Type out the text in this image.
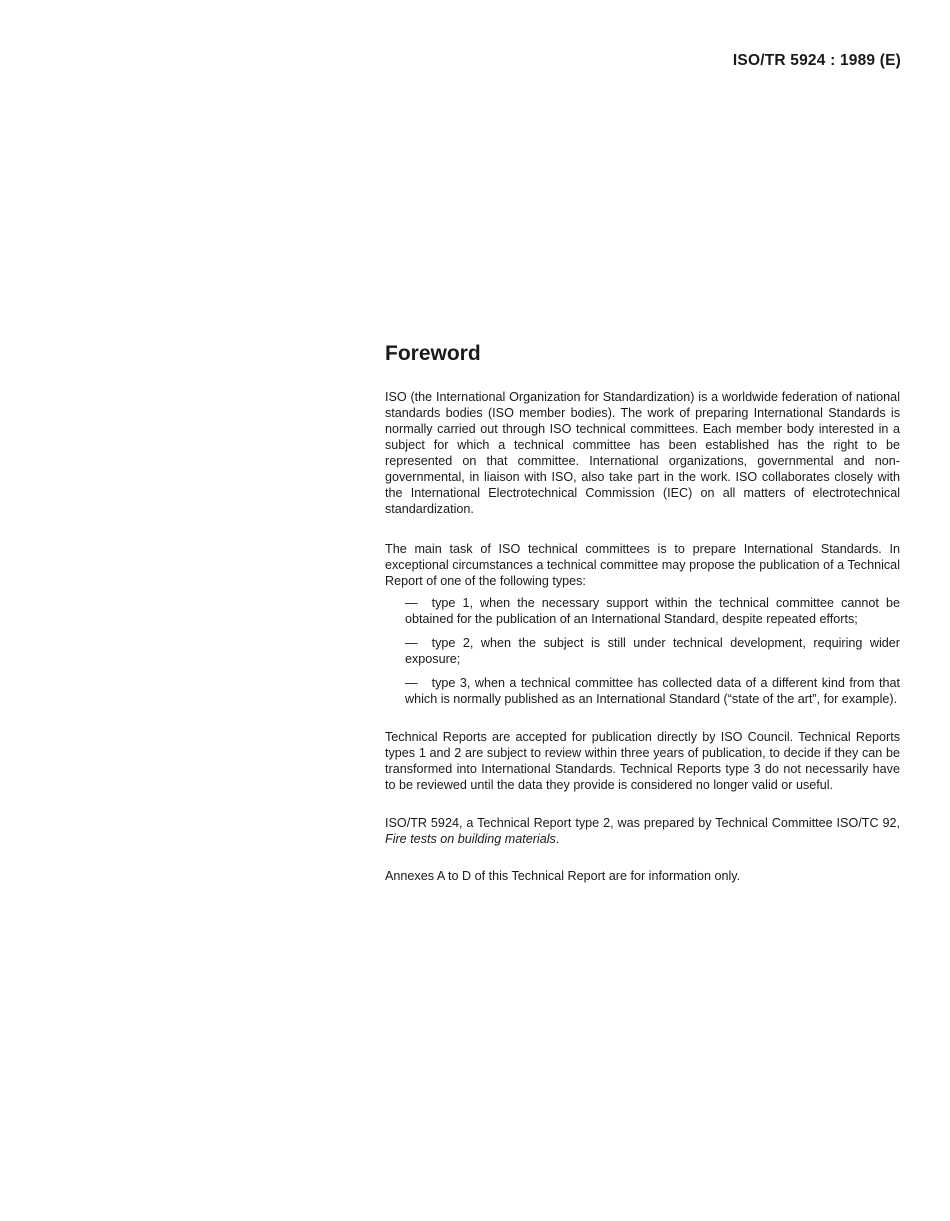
ISO/TR 5924 : 1989 (E)
Foreword

ISO (the International Organization for Standardization) is a worldwide federation of national standards bodies (ISO member bodies). The work of preparing International Standards is normally carried out through ISO technical committees. Each member body interested in a subject for which a technical committee has been established has the right to be represented on that committee. International organizations, governmental and non-governmental, in liaison with ISO, also take part in the work. ISO collaborates closely with the International Electrotechnical Commission (IEC) on all matters of electrotechnical standardization.

The main task of ISO technical committees is to prepare International Standards. In exceptional circumstances a technical committee may propose the publication of a Technical Report of one of the following types:

— type 1, when the necessary support within the technical committee cannot be obtained for the publication of an International Standard, despite repeated efforts;
— type 2, when the subject is still under technical development, requiring wider exposure;
— type 3, when a technical committee has collected data of a different kind from that which is normally published as an International Standard (“state of the art”, for example).

Technical Reports are accepted for publication directly by ISO Council. Technical Reports types 1 and 2 are subject to review within three years of publication, to decide if they can be transformed into International Standards. Technical Reports type 3 do not necessarily have to be reviewed until the data they provide is considered no longer valid or useful.

ISO/TR 5924, a Technical Report type 2, was prepared by Technical Committee ISO/TC 92, Fire tests on building materials.

Annexes A to D of this Technical Report are for information only.
